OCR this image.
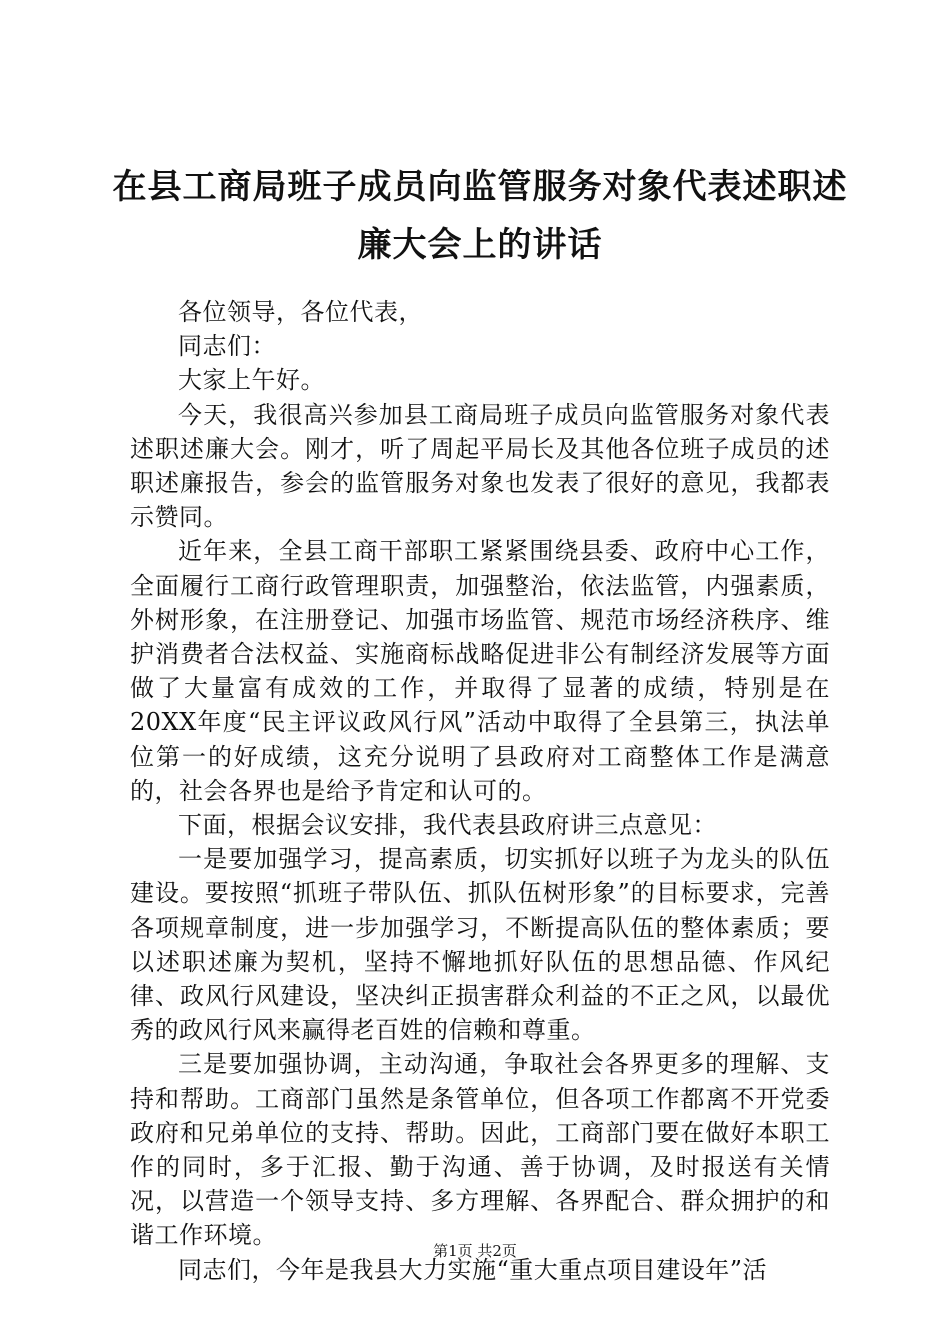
在县工商局班子成员向监管服务对象代表述职述廉大会上的讲话

各位领导，各位代表，

同志们：

大家上午好。

今天，我很高兴参加县工商局班子成员向监管服务对象代表述职述廉大会。刚才，听了周起平局长及其他各位班子成员的述职述廉报告，参会的监管服务对象也发表了很好的意见，我都表示赞同。

近年来，全县工商干部职工紧紧围绕县委、政府中心工作，全面履行工商行政管理职责，加强整治，依法监管，内强素质，外树形象，在注册登记、加强市场监管、规范市场经济秩序、维护消费者合法权益、实施商标战略促进非公有制经济发展等方面做了大量富有成效的工作，并取得了显著的成绩，特别是在20XX年度“民主评议政风行风”活动中取得了全县第三，执法单位第一的好成绩，这充分说明了县政府对工商整体工作是满意的，社会各界也是给予肯定和认可的。

下面，根据会议安排，我代表县政府讲三点意见：

一是要加强学习，提高素质，切实抓好以班子为龙头的队伍建设。要按照“抓班子带队伍、抓队伍树形象”的目标要求，完善各项规章制度，进一步加强学习，不断提高队伍的整体素质；要以述职述廉为契机，坚持不懈地抓好队伍的思想品德、作风纪律、政风行风建设，坚决纠正损害群众利益的不正之风，以最优秀的政风行风来赢得老百姓的信赖和尊重。

三是要加强协调，主动沟通，争取社会各界更多的理解、支持和帮助。工商部门虽然是条管单位，但各项工作都离不开党委政府和兄弟单位的支持、帮助。因此，工商部门要在做好本职工作的同时，多于汇报、勤于沟通、善于协调，及时报送有关情况，以营造一个领导支持、多方理解、各界配合、群众拥护的和谐工作环境。

同志们，今年是我县大力实施“重大重点项目建设年”活

第1页 共2页
